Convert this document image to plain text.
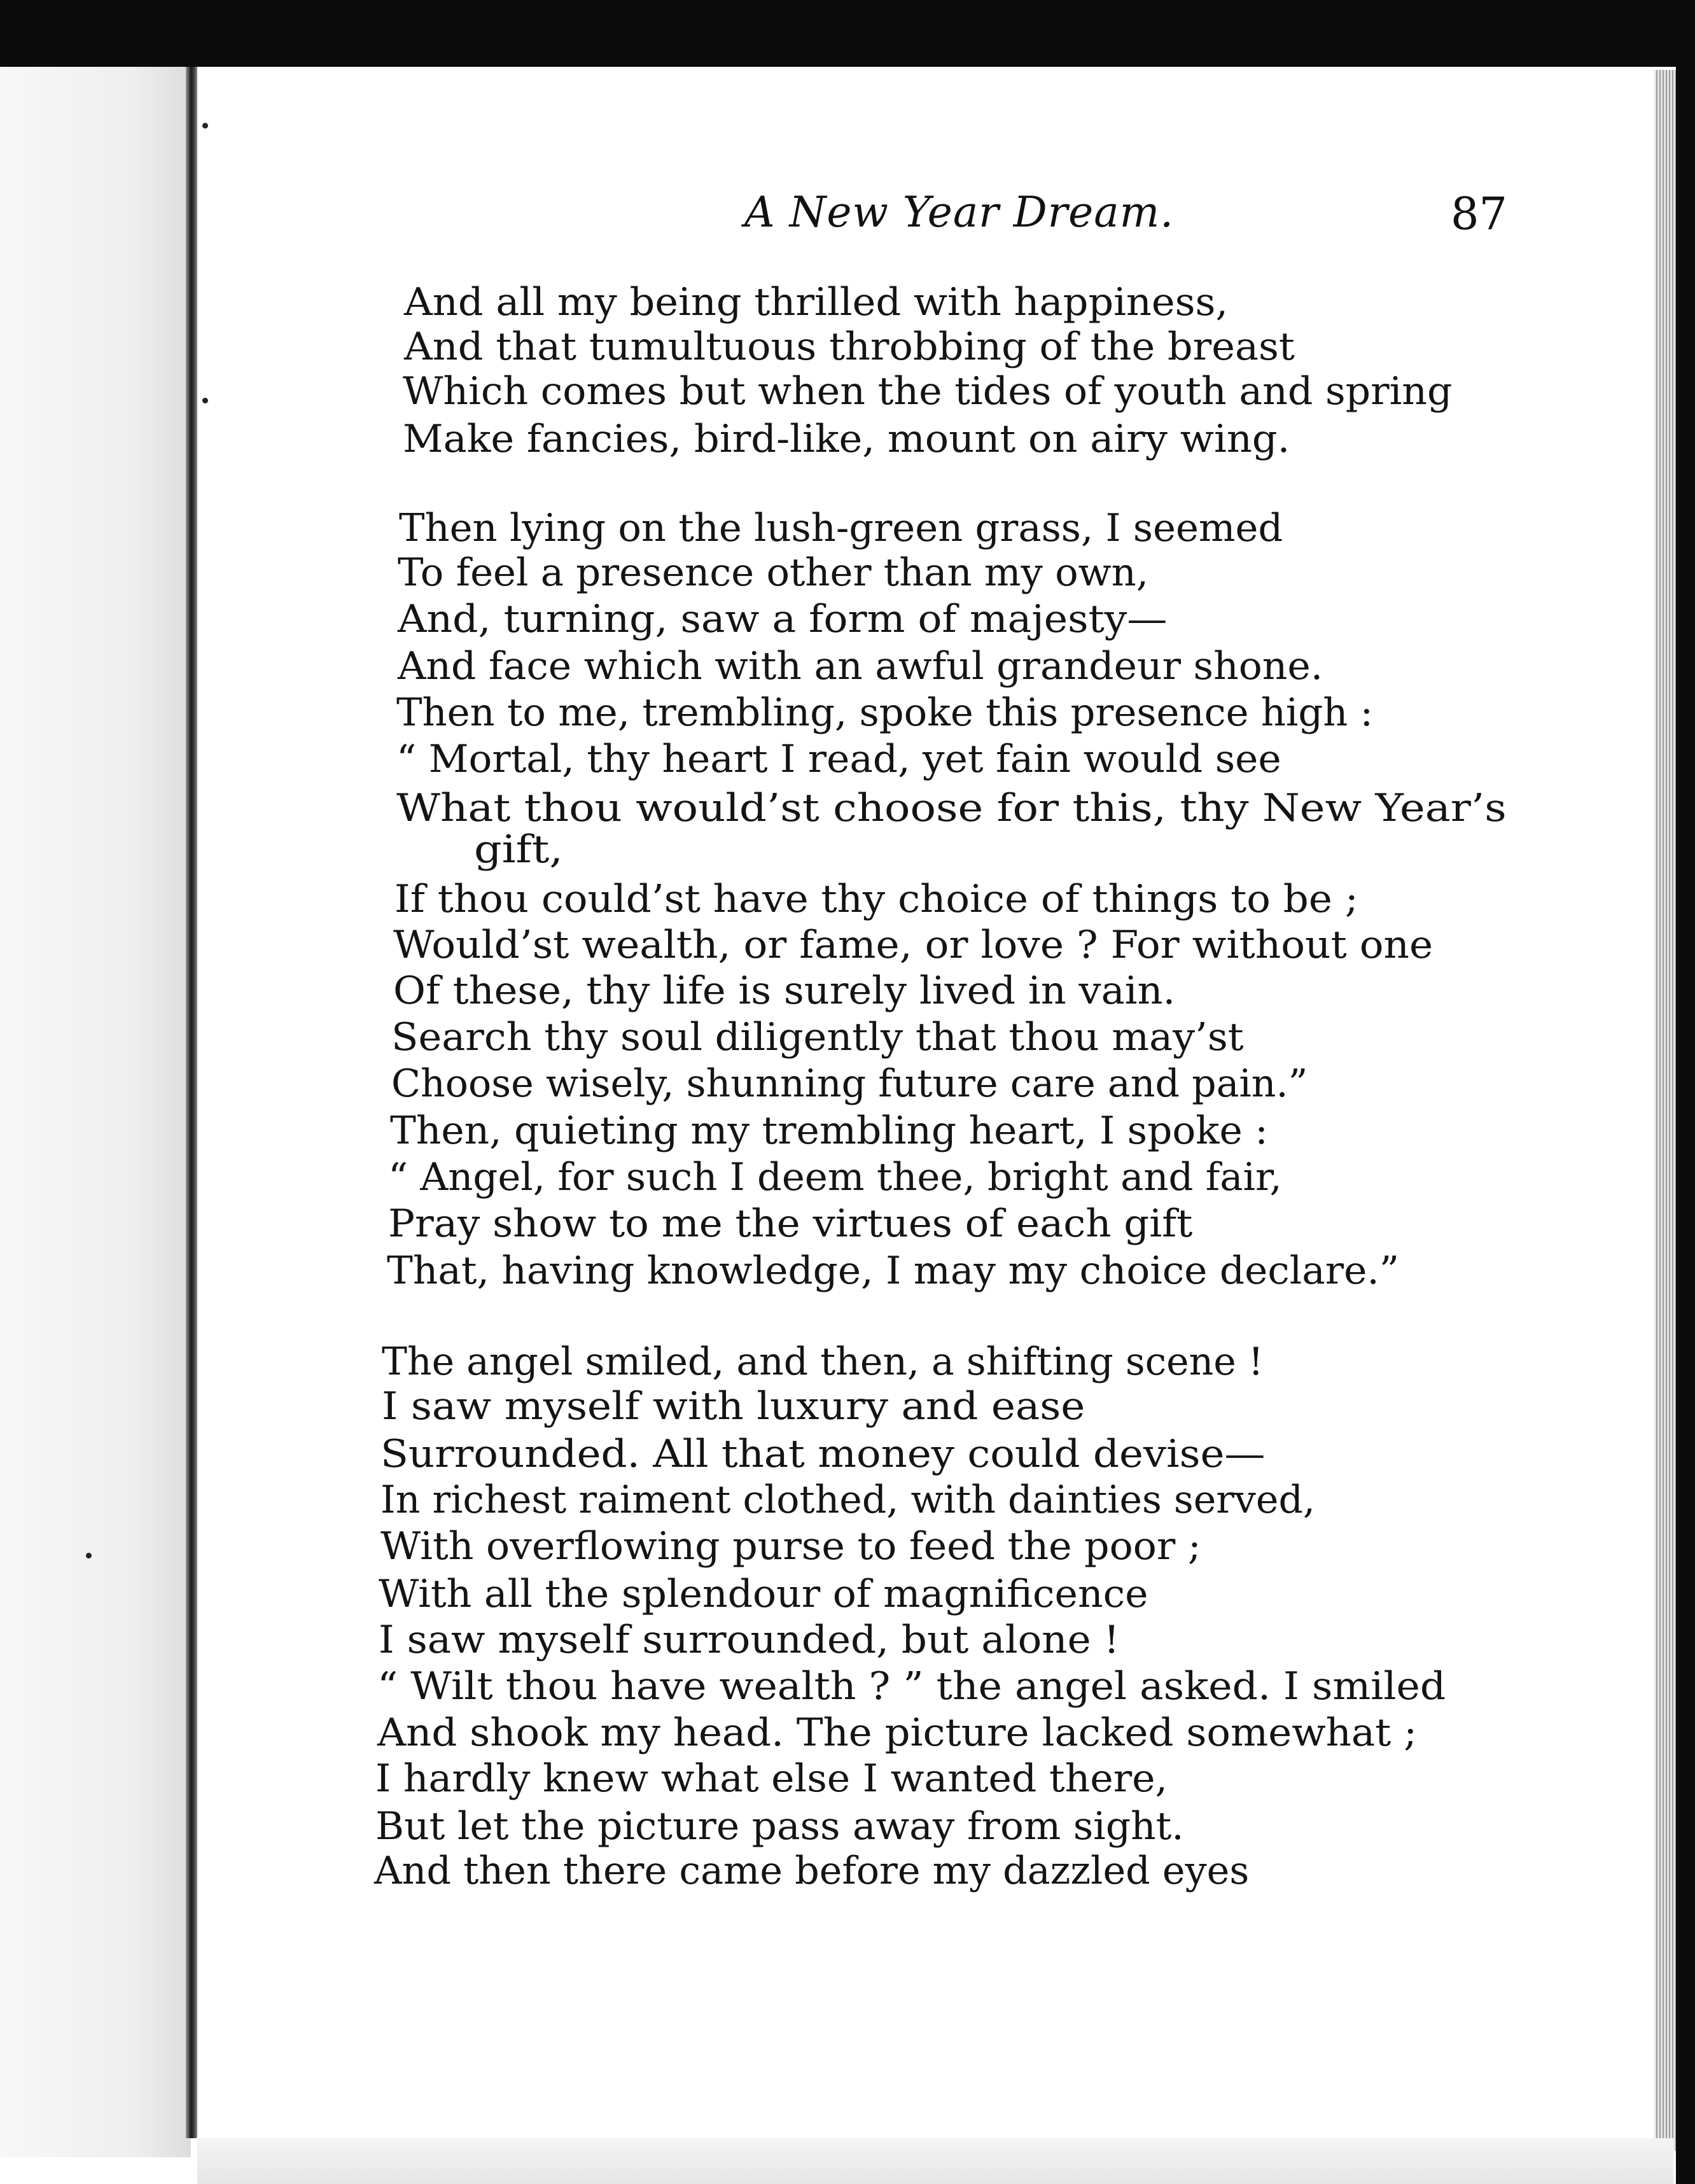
A New Year Dream.	87
And all my being thrilled with happiness,
And that tumultuous throbbing of the breast
Which comes but when the tides of youth and spring
Make fancies, bird-like, mount on airy wing.
Then lying on the lush-green grass, I seemed
To feel a presence other than my own,
And, turning, saw a form of majesty—
And face which with an awful grandeur shone.
Then to me, trembling, spoke this presence high :
“ Mortal, thy heart I read, yet fain would see
What thou would’st choose for this, thy New Year’s
gift,
If thou could’st have thy choice of things to be ;
Would’st wealth, or fame, or love ? For without one
Of these, thy life is surely lived in vain.
Search thy soul diligently that thou may’st
Choose wisely, shunning future care and pain.”
Then, quieting my trembling heart, I spoke :
“ Angel, for such I deem thee, bright and fair,
Pray show to me the virtues of each gift
That, having knowledge, I may my choice declare.”
The angel smiled, and then, a shifting scene !
I saw myself with luxury and ease
Surrounded. All that money could devise—
In richest raiment clothed, with dainties served,
With overflowing purse to feed the poor ;
With all the splendour of magnificence
I saw myself surrounded, but alone !
“ Wilt thou have wealth ? ” the angel asked. I smiled
And shook my head. The picture lacked somewhat ;
I hardly knew what else I wanted there,
But let the picture pass away from sight.
And then there came before my dazzled eyes
